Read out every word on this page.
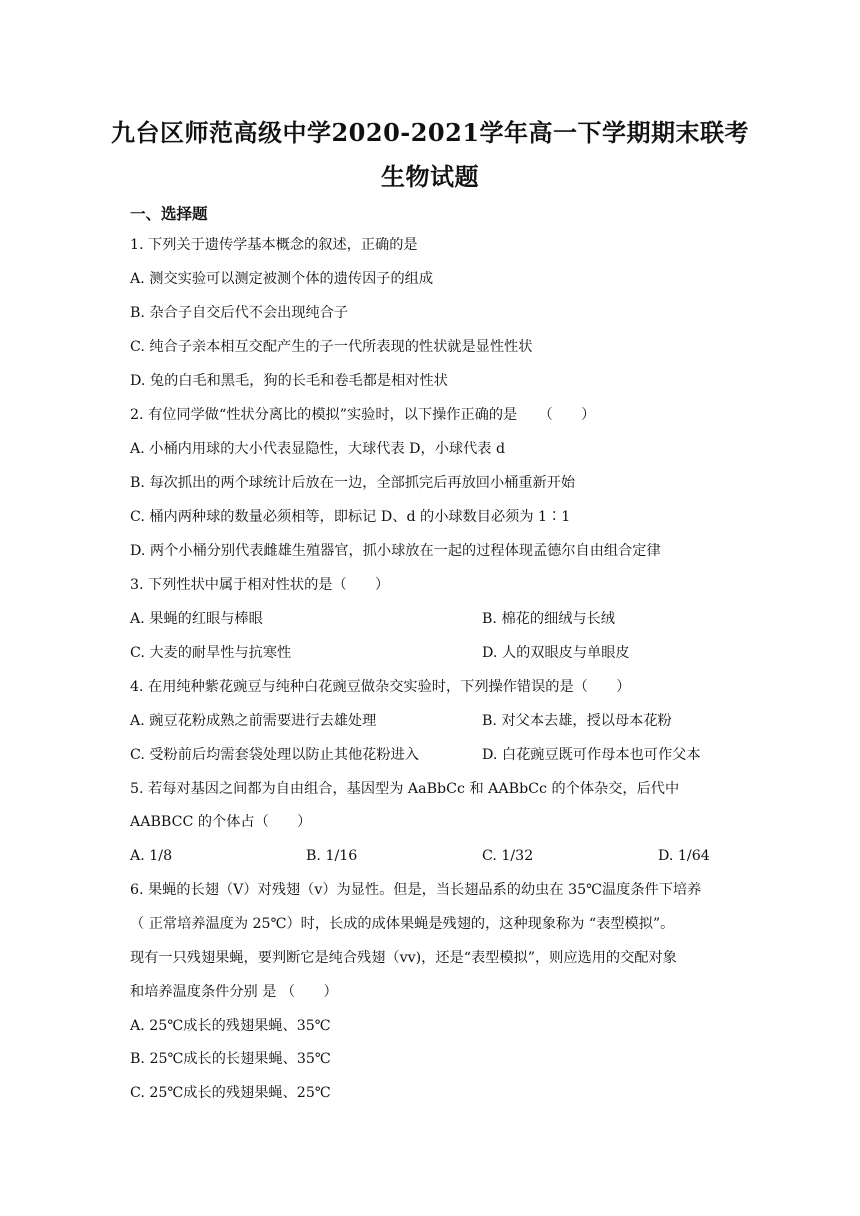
九台区师范高级中学2020-2021学年高一下学期期末联考
生物试题
一、选择题
1. 下列关于遗传学基本概念的叙述，正确的是
A. 测交实验可以测定被测个体的遗传因子的组成
B. 杂合子自交后代不会出现纯合子
C. 纯合子亲本相互交配产生的子一代所表现的性状就是显性性状
D. 兔的白毛和黑毛，狗的长毛和卷毛都是相对性状
2. 有位同学做“性状分离比的模拟”实验时，以下操作正确的是　　（　　）
A. 小桶内用球的大小代表显隐性，大球代表 D，小球代表 d
B. 每次抓出的两个球统计后放在一边，全部抓完后再放回小桶重新开始
C. 桶内两种球的数量必须相等，即标记 D、d 的小球数目必须为 1∶1
D. 两个小桶分别代表雌雄生殖器官，抓小球放在一起的过程体现孟德尔自由组合定律
3. 下列性状中属于相对性状的是（　　）
A. 果蝇的红眼与棒眼	B. 棉花的细绒与长绒
C. 大麦的耐旱性与抗寒性	D. 人的双眼皮与单眼皮
4. 在用纯种紫花豌豆与纯种白花豌豆做杂交实验时，下列操作错误的是（　　）
A. 豌豆花粉成熟之前需要进行去雄处理	B. 对父本去雄，授以母本花粉
C. 受粉前后均需套袋处理以防止其他花粉进入	D. 白花豌豆既可作母本也可作父本
5. 若每对基因之间都为自由组合，基因型为 AaBbCc 和 AABbCc 的个体杂交，后代中
AABBCC 的个体占（　　）
A. 1/8	B. 1/16	C. 1/32	D. 1/64
6. 果蝇的长翅（V）对残翅（v）为显性。但是，当长翅品系的幼虫在 35℃温度条件下培养
（ 正常培养温度为 25℃）时，长成的成体果蝇是残翅的，这种现象称为 “表型模拟”。
现有一只残翅果蝇，要判断它是纯合残翅（vv)，还是“表型模拟”，则应选用的交配对象
和培养温度条件分别 是 （　　）
A. 25℃成长的残翅果蝇、35℃
B. 25℃成长的长翅果蝇、35℃
C. 25℃成长的残翅果蝇、25℃
